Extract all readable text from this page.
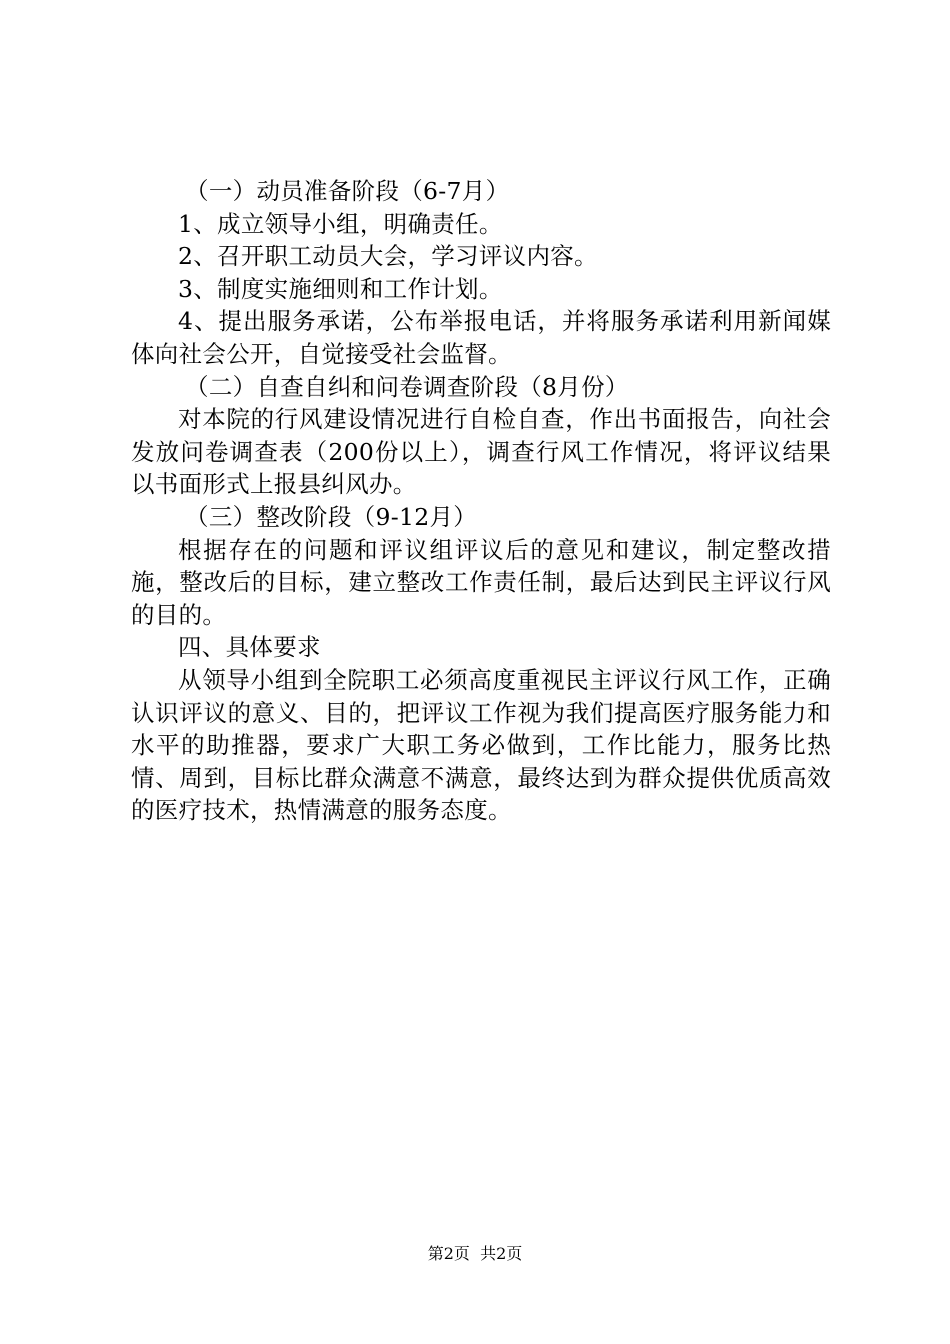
（一）动员准备阶段（6-7月）

1、成立领导小组，明确责任。

2、召开职工动员大会，学习评议内容。

3、制度实施细则和工作计划。

4、提出服务承诺，公布举报电话，并将服务承诺利用新闻媒体向社会公开，自觉接受社会监督。

（二）自查自纠和问卷调查阶段（8月份）

对本院的行风建设情况进行自检自查，作出书面报告，向社会发放问卷调查表（200份以上），调查行风工作情况，将评议结果以书面形式上报县纠风办。

（三）整改阶段（9-12月）

根据存在的问题和评议组评议后的意见和建议，制定整改措施，整改后的目标，建立整改工作责任制，最后达到民主评议行风的目的。

四、具体要求

从领导小组到全院职工必须高度重视民主评议行风工作，正确认识评议的意义、目的，把评议工作视为我们提高医疗服务能力和水平的助推器，要求广大职工务必做到，工作比能力，服务比热情、周到，目标比群众满意不满意，最终达到为群众提供优质高效的医疗技术，热情满意的服务态度。

第2页  共2页
